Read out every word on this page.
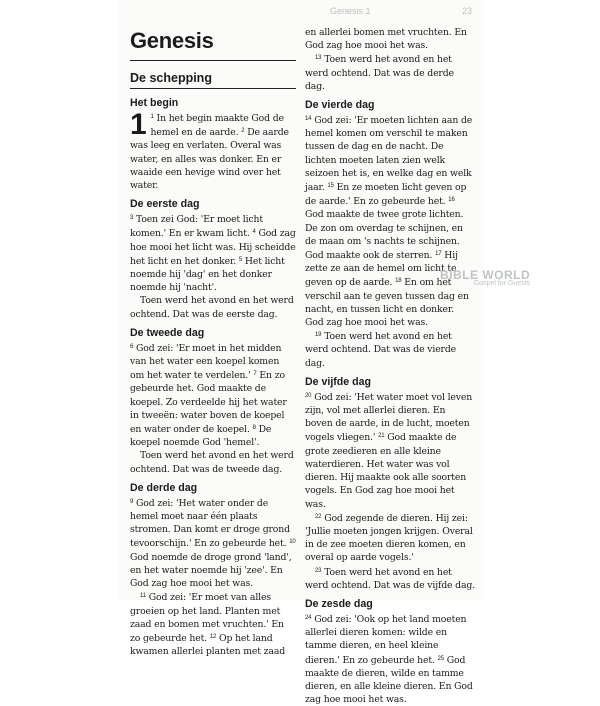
Genesis 1	23
Genesis
De schepping
Het begin

1 $^1$ In het begin maakte God de hemel en de aarde. $^2$ De aarde was leeg en verlaten. Overal was water, en alles was donker. En er waaide een hevige wind over het water.

De eerste dag

$^3$ Toen zei God: 'Er moet licht komen.' En er kwam licht. $^4$ God zag hoe mooi het licht was. Hij scheidde het licht en het donker. $^5$ Het licht noemde hij 'dag' en het donker noemde hij 'nacht'.

Toen werd het avond en het werd ochtend. Dat was de eerste dag.

De tweede dag

$^6$ God zei: 'Er moet in het midden van het water een koepel komen om het water te verdelen.' $^7$ En zo gebeurde het. God maakte de koepel. Zo verdeelde hij het water in tweeën: water boven de koepel en water onder de koepel. $^8$ De koepel noemde God 'hemel'.

Toen werd het avond en het werd ochtend. Dat was de tweede dag.

De derde dag

$^9$ God zei: 'Het water onder de hemel moet naar één plaats stromen. Dan komt er droge grond tevoorschijn.' En zo gebeurde het. $^{10}$ God noemde de droge grond 'land', en het water noemde hij 'zee'. En God zag hoe mooi het was.

$^{11}$ God zei: 'Er moet van alles groeien op het land. Planten met zaad en bomen met vruchten.' En zo gebeurde het. $^{12}$ Op het land kwamen allerlei planten met zaad

en allerlei bomen met vruchten. En God zag hoe mooi het was.

$^{13}$ Toen werd het avond en het werd ochtend. Dat was de derde dag.

De vierde dag

$^{14}$ God zei: 'Er moeten lichten aan de hemel komen om verschil te maken tussen de dag en de nacht. De lichten moeten laten zien welk seizoen het is, en welke dag en welk jaar. $^{15}$ En ze moeten licht geven op de aarde.' En zo gebeurde het. $^{16}$ God maakte de twee grote lichten. De zon om overdag te schijnen, en de maan om 's nachts te schijnen. God maakte ook de sterren. $^{17}$ Hij zette ze aan de hemel om licht te geven op de aarde. $^{18}$ En om het verschil aan te geven tussen dag en nacht, en tussen licht en donker. God zag hoe mooi het was.

$^{19}$ Toen werd het avond en het werd ochtend. Dat was de vierde dag.

De vijfde dag

$^{20}$ God zei: 'Het water moet vol leven zijn, vol met allerlei dieren. En boven de aarde, in de lucht, moeten vogels vliegen.' $^{21}$ God maakte de grote zeedieren en alle kleine waterdieren. Het water was vol dieren. Hij maakte ook alle soorten vogels. En God zag hoe mooi het was.

$^{22}$ God zegende de dieren. Hij zei: 'Jullie moeten jongen krijgen. Overal in de zee moeten dieren komen, en overal op aarde vogels.'

$^{23}$ Toen werd het avond en het werd ochtend. Dat was de vijfde dag.

De zesde dag

$^{24}$ God zei: 'Ook op het land moeten allerlei dieren komen: wilde en tamme dieren, en heel kleine dieren.' En zo gebeurde het. $^{25}$ God maakte de dieren, wilde en tamme dieren, en alle kleine dieren. En God zag hoe mooi het was.

BIBLE WORLD
Gospel for Guests
